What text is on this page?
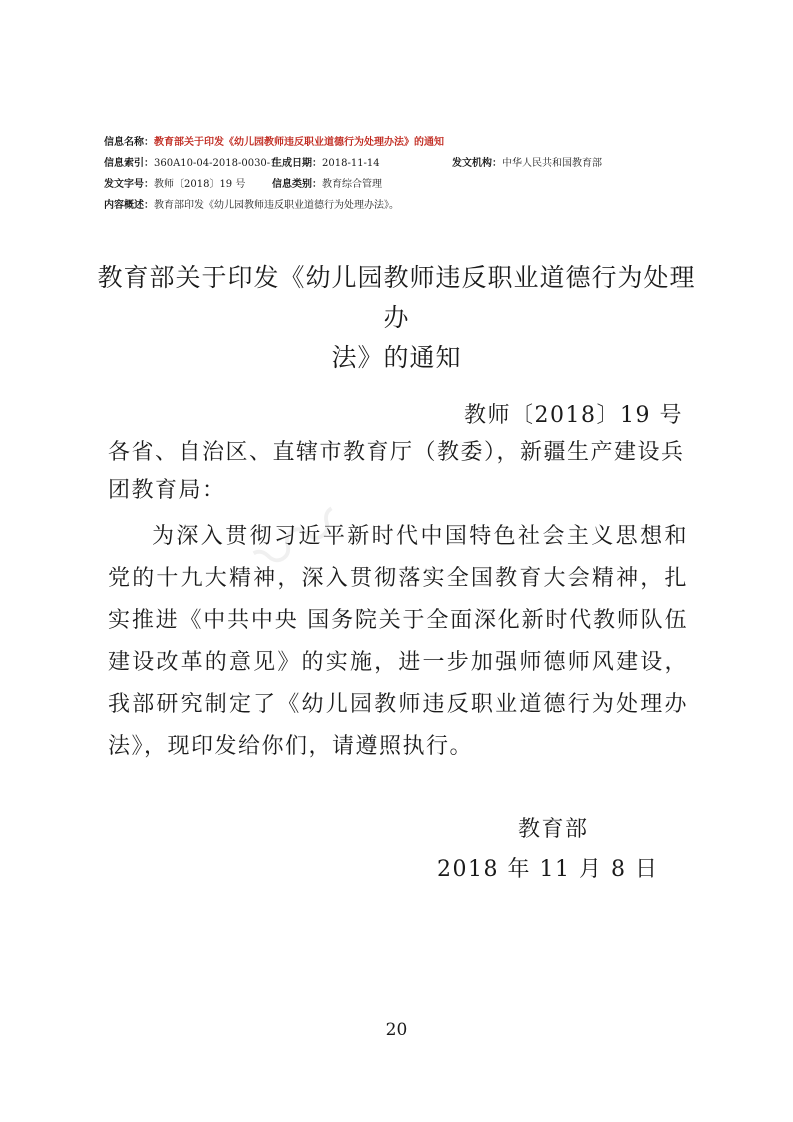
信息名称：教育部关于印发《幼儿园教师违反职业道德行为处理办法》的通知
信息索引：360A10-04-2018-0030-1
生成日期：2018-11-14	发文机构：中华人民共和国教育部
发文字号：教师〔2018〕19 号	信息类别：教育综合管理
内容概述：教育部印发《幼儿园教师违反职业道德行为处理办法》。
教育部关于印发《幼儿园教师违反职业道德行为处理办
法》的通知
〰
教师〔2018〕19 号
各省、自治区、直辖市教育厅（教委），新疆生产建设兵团教育局：
为深入贯彻习近平新时代中国特色社会主义思想和党的十九大精神，深入贯彻落实全国教育大会精神，扎实推进《中共中央 国务院关于全面深化新时代教师队伍建设改革的意见》的实施，进一步加强师德师风建设，我部研究制定了《幼儿园教师违反职业道德行为处理办法》，现印发给你们，请遵照执行。
教育部
2018 年 11 月 8 日
20
